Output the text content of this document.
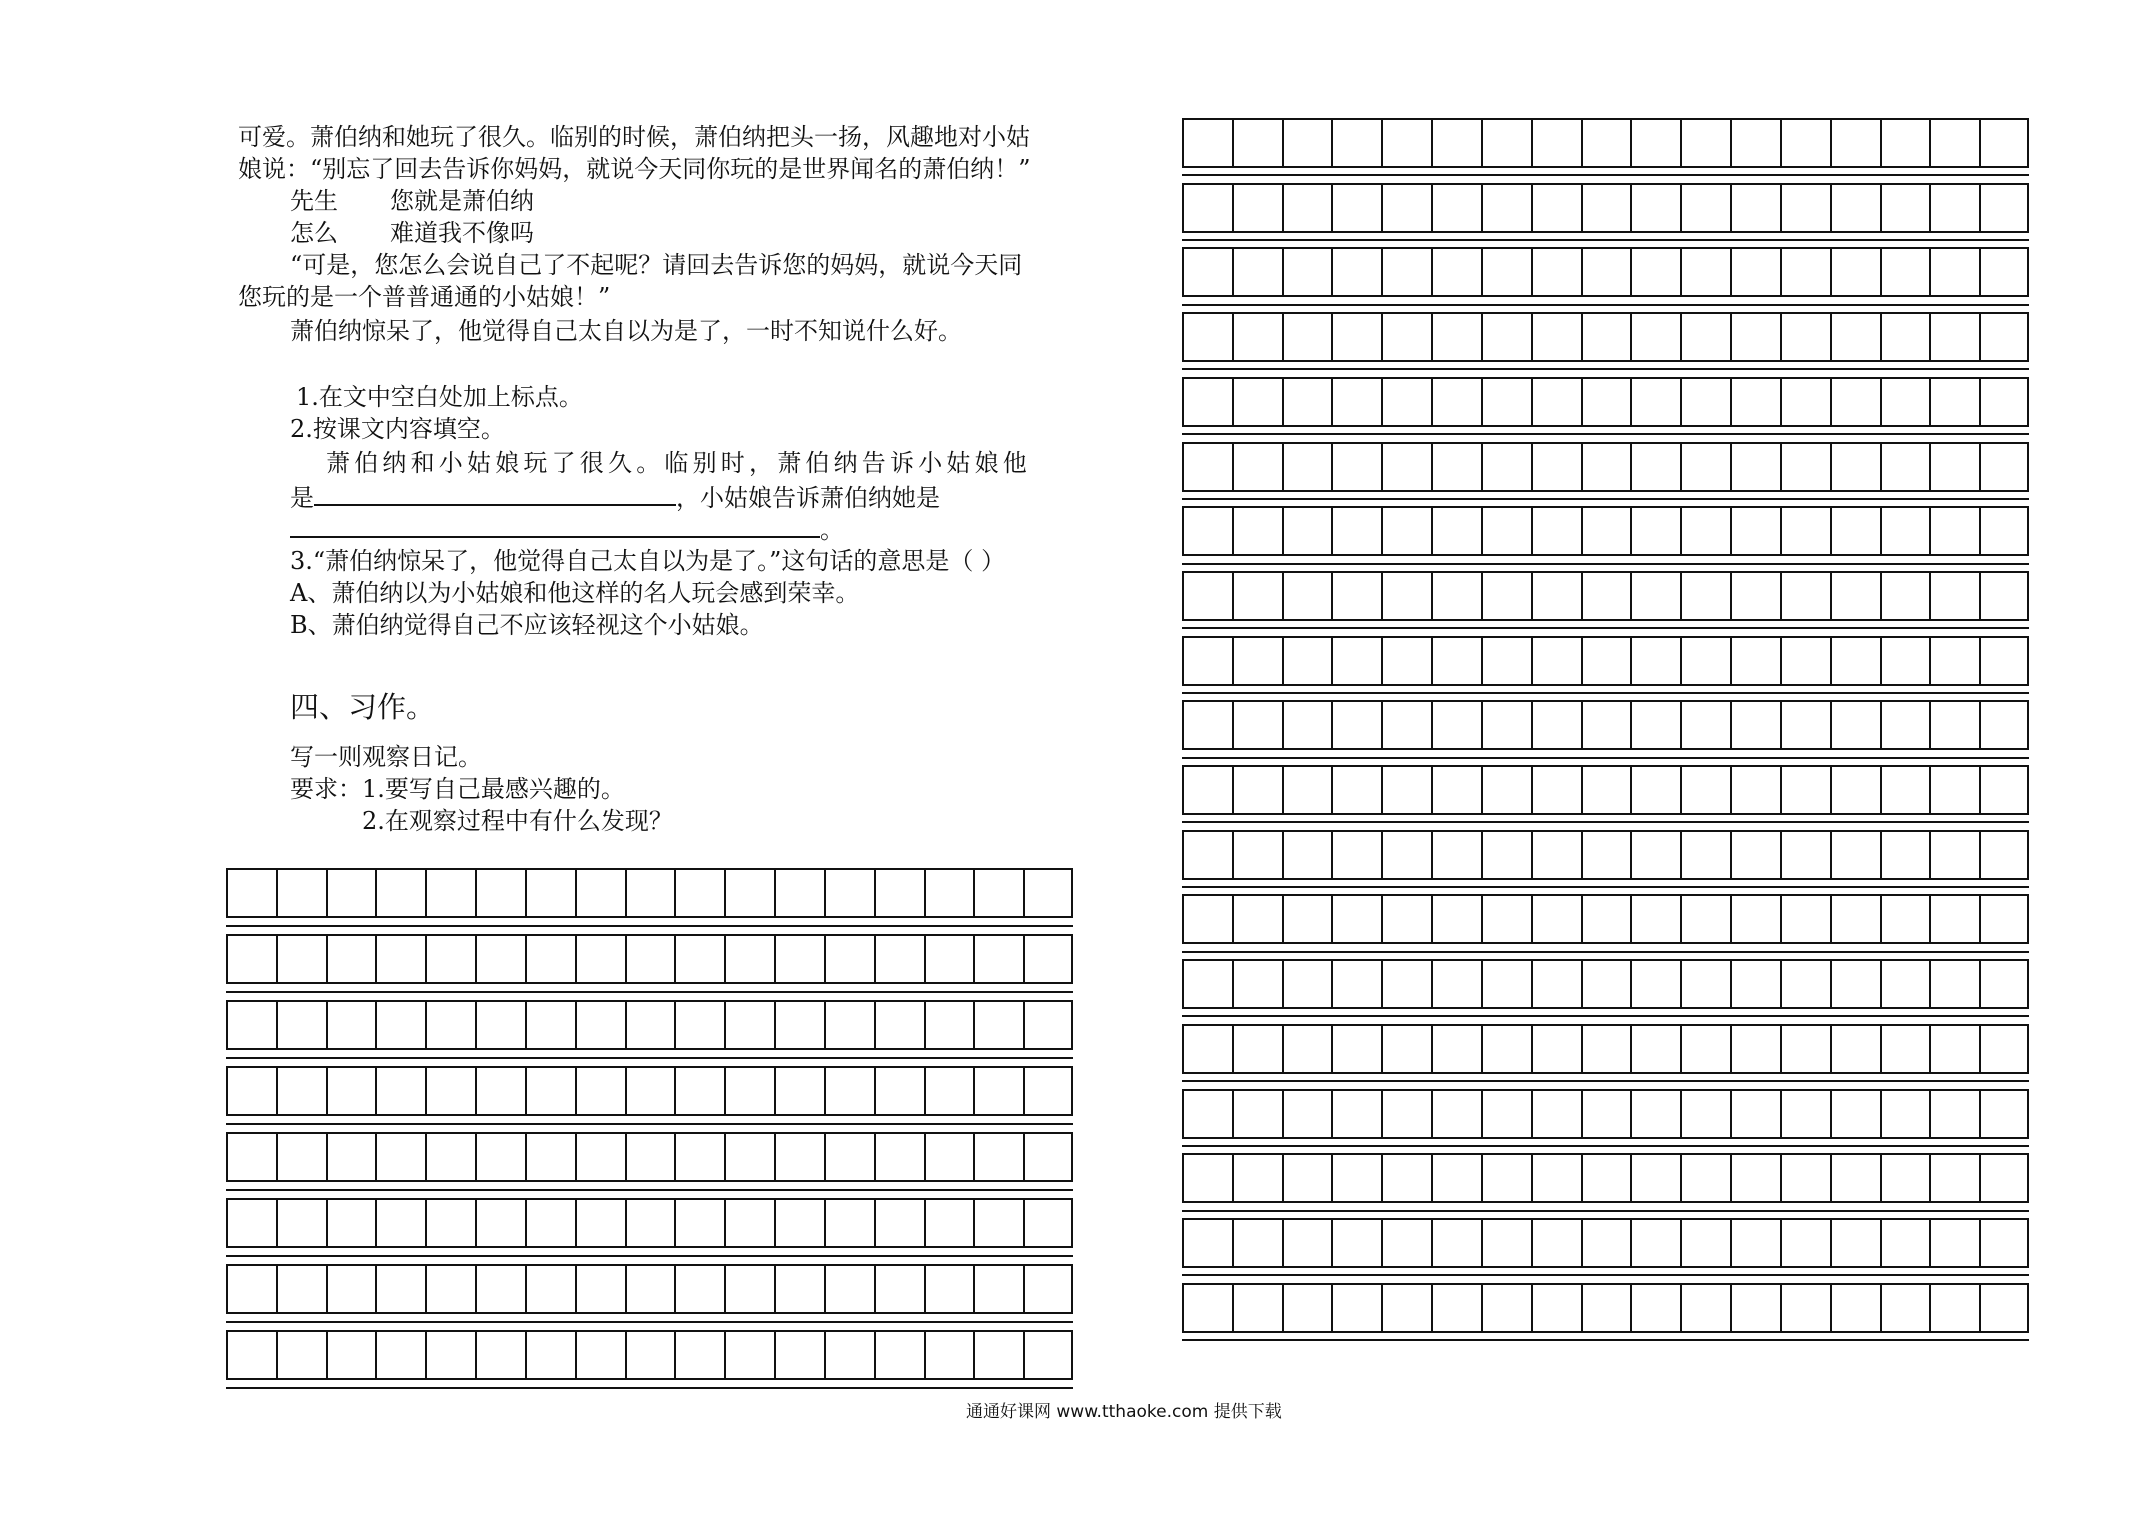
可爱。萧伯纳和她玩了很久。临别的时候，萧伯纳把头一扬，风趣地对小姑
娘说：“别忘了回去告诉你妈妈，就说今天同你玩的是世界闻名的萧伯纳！”
先生 您就是萧伯纳
怎么 难道我不像吗
“可是，您怎么会说自己了不起呢？请回去告诉您的妈妈，就说今天同
您玩的是一个普普通通的小姑娘！”
萧伯纳惊呆了，他觉得自己太自以为是了，一时不知说什么好。
1.在文中空白处加上标点。
2.按课文内容填空。
萧伯纳和小姑娘玩了很久。临别时，萧伯纳告诉小姑娘他
是	，小姑娘告诉萧伯纳她是
。
3.“萧伯纳惊呆了，他觉得自己太自以为是了。”这句话的意思是（ ）
A、萧伯纳以为小姑娘和他这样的名人玩会感到荣幸。
B、萧伯纳觉得自己不应该轻视这个小姑娘。
四、习作。
写一则观察日记。
要求： 1.要写自己最感兴趣的。
2.在观察过程中有什么发现？
通通好课网 www.tthaoke.com 提供下载
